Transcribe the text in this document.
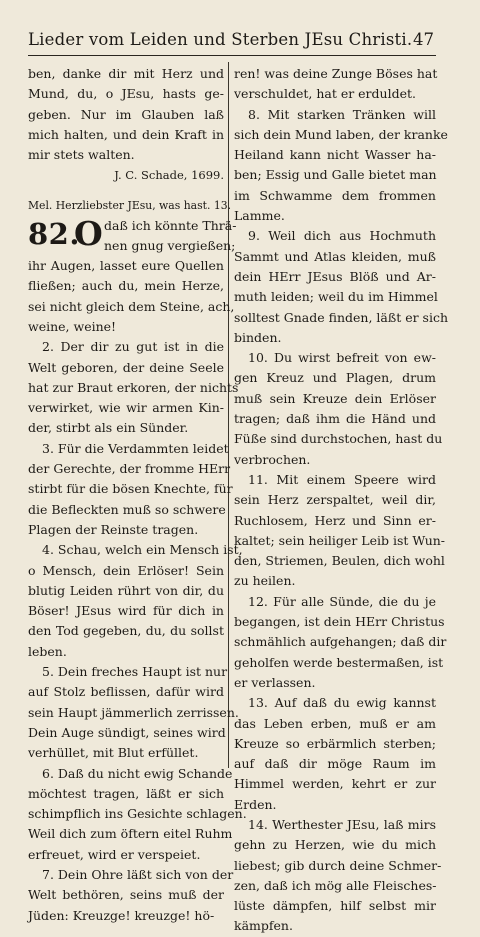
Lieder vom Leiden und Sterben JEsu Christi. 47
ben, danke dir mit Herz und
Mund, du, o JEsu, hasts ge-
geben. Nur im Glauben laß
mich halten, und dein Kraft in
mir stets walten.
J. C. Schade, 1699.
Mel. Herzliebster JEsu, was hast. 13.
82.
O daß ich könnte Thrä-
nen gnug vergießen;
ihr Augen, lasset eure Quellen
fließen; auch du, mein Herze,
sei nicht gleich dem Steine, ach,
weine, weine!
2. Der dir zu gut ist in die
Welt geboren, der deine Seele
hat zur Braut erkoren, der nichts
verwirket, wie wir armen Kin-
der, stirbt als ein Sünder.
3. Für die Verdammten leidet
der Gerechte, der fromme HErr
stirbt für die bösen Knechte, für
die Befleckten muß so schwere
Plagen der Reinste tragen.
4. Schau, welch ein Mensch ist,
o Mensch, dein Erlöser! Sein
blutig Leiden rührt von dir, du
Böser! JEsus wird für dich in
den Tod gegeben, du, du sollst
leben.
5. Dein freches Haupt ist nur
auf Stolz beflissen, dafür wird
sein Haupt jämmerlich zerrissen.
Dein Auge sündigt, seines wird
verhüllet, mit Blut erfüllet.
6. Daß du nicht ewig Schande
möchtest tragen, läßt er sich
schimpflich ins Gesichte schlagen.
Weil dich zum öftern eitel Ruhm
erfreuet, wird er verspeiet.
7. Dein Ohre läßt sich von der
Welt bethören, seins muß der
Jüden: Kreuzge! kreuzge! hö-
ren! was deine Zunge Böses hat
verschuldet, hat er erduldet.
8. Mit starken Tränken will
sich dein Mund laben, der kranke
Heiland kann nicht Wasser ha-
ben; Essig und Galle bietet man
im Schwamme dem frommen
Lamme.
9. Weil dich aus Hochmuth
Sammt und Atlas kleiden, muß
dein HErr JEsus Blöß und Ar-
muth leiden; weil du im Himmel
solltest Gnade finden, läßt er sich
binden.
10. Du wirst befreit von ew-
gen Kreuz und Plagen, drum
muß sein Kreuze dein Erlöser
tragen; daß ihm die Händ und
Füße sind durchstochen, hast du
verbrochen.
11. Mit einem Speere wird
sein Herz zerspaltet, weil dir,
Ruchlosem, Herz und Sinn er-
kaltet; sein heiliger Leib ist Wun-
den, Striemen, Beulen, dich wohl
zu heilen.
12. Für alle Sünde, die du je
begangen, ist dein HErr Christus
schmählich aufgehangen; daß dir
geholfen werde bestermaßen, ist
er verlassen.
13. Auf daß du ewig kannst
das Leben erben, muß er am
Kreuze so erbärmlich sterben;
auf daß dir möge Raum im
Himmel werden, kehrt er zur
Erden.
14. Werthester JEsu, laß mirs
gehn zu Herzen, wie du mich
liebest; gib durch deine Schmer-
zen, daß ich mög alle Fleisches-
lüste dämpfen, hilf selbst mir
kämpfen.
